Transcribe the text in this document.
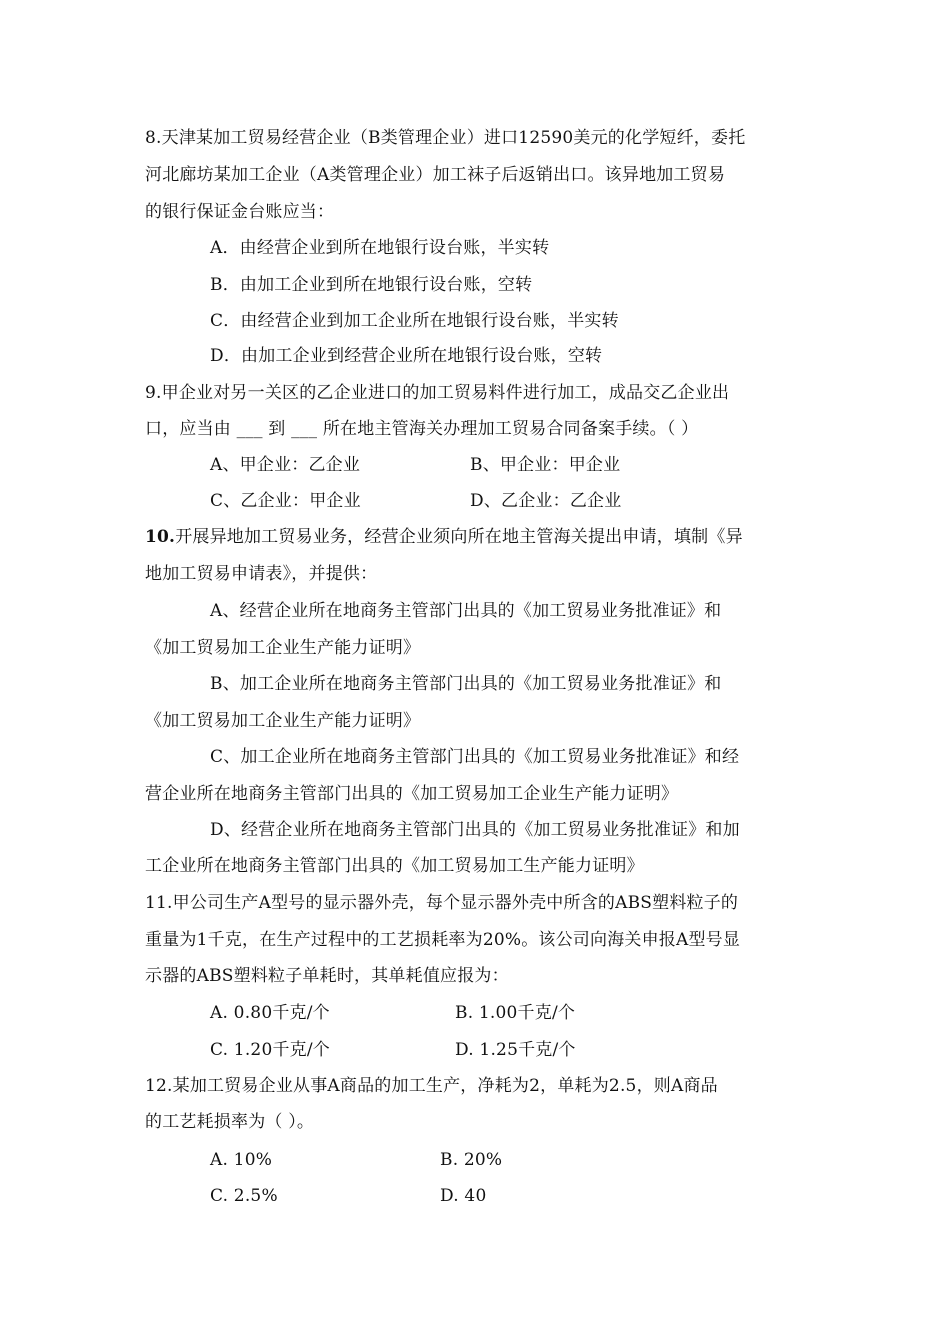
8.天津某加工贸易经营企业（B类管理企业）进口12590美元的化学短纤，委托
河北廊坊某加工企业（A类管理企业）加工袜子后返销出口。该异地加工贸易
的银行保证金台账应当：
A．由经营企业到所在地银行设台账，半实转
B．由加工企业到所在地银行设台账，空转
C．由经营企业到加工企业所在地银行设台账，半实转
D．由加工企业到经营企业所在地银行设台账，空转
9.甲企业对另一关区的乙企业进口的加工贸易料件进行加工，成品交乙企业出
口，应当由 ___ 到 ___ 所在地主管海关办理加工贸易合同备案手续。（ ）
A、甲企业：乙企业	B、甲企业：甲企业
C、乙企业：甲企业	D、乙企业：乙企业
10.开展异地加工贸易业务，经营企业须向所在地主管海关提出申请，填制《异
地加工贸易申请表》，并提供：
A、经营企业所在地商务主管部门出具的《加工贸易业务批准证》和
《加工贸易加工企业生产能力证明》
B、加工企业所在地商务主管部门出具的《加工贸易业务批准证》和
《加工贸易加工企业生产能力证明》
C、加工企业所在地商务主管部门出具的《加工贸易业务批准证》和经
营企业所在地商务主管部门出具的《加工贸易加工企业生产能力证明》
D、经营企业所在地商务主管部门出具的《加工贸易业务批准证》和加
工企业所在地商务主管部门出具的《加工贸易加工生产能力证明》
11.甲公司生产A型号的显示器外壳，每个显示器外壳中所含的ABS塑料粒子的
重量为1千克，在生产过程中的工艺损耗率为20%。该公司向海关申报A型号显
示器的ABS塑料粒子单耗时，其单耗值应报为：
A. 0.80千克/个	B. 1.00千克/个
C. 1.20千克/个	D. 1.25千克/个
12.某加工贸易企业从事A商品的加工生产，净耗为2，单耗为2.5，则A商品
的工艺耗损率为（ ）。
A. 10%	B. 20%
C. 2.5%	D. 40
